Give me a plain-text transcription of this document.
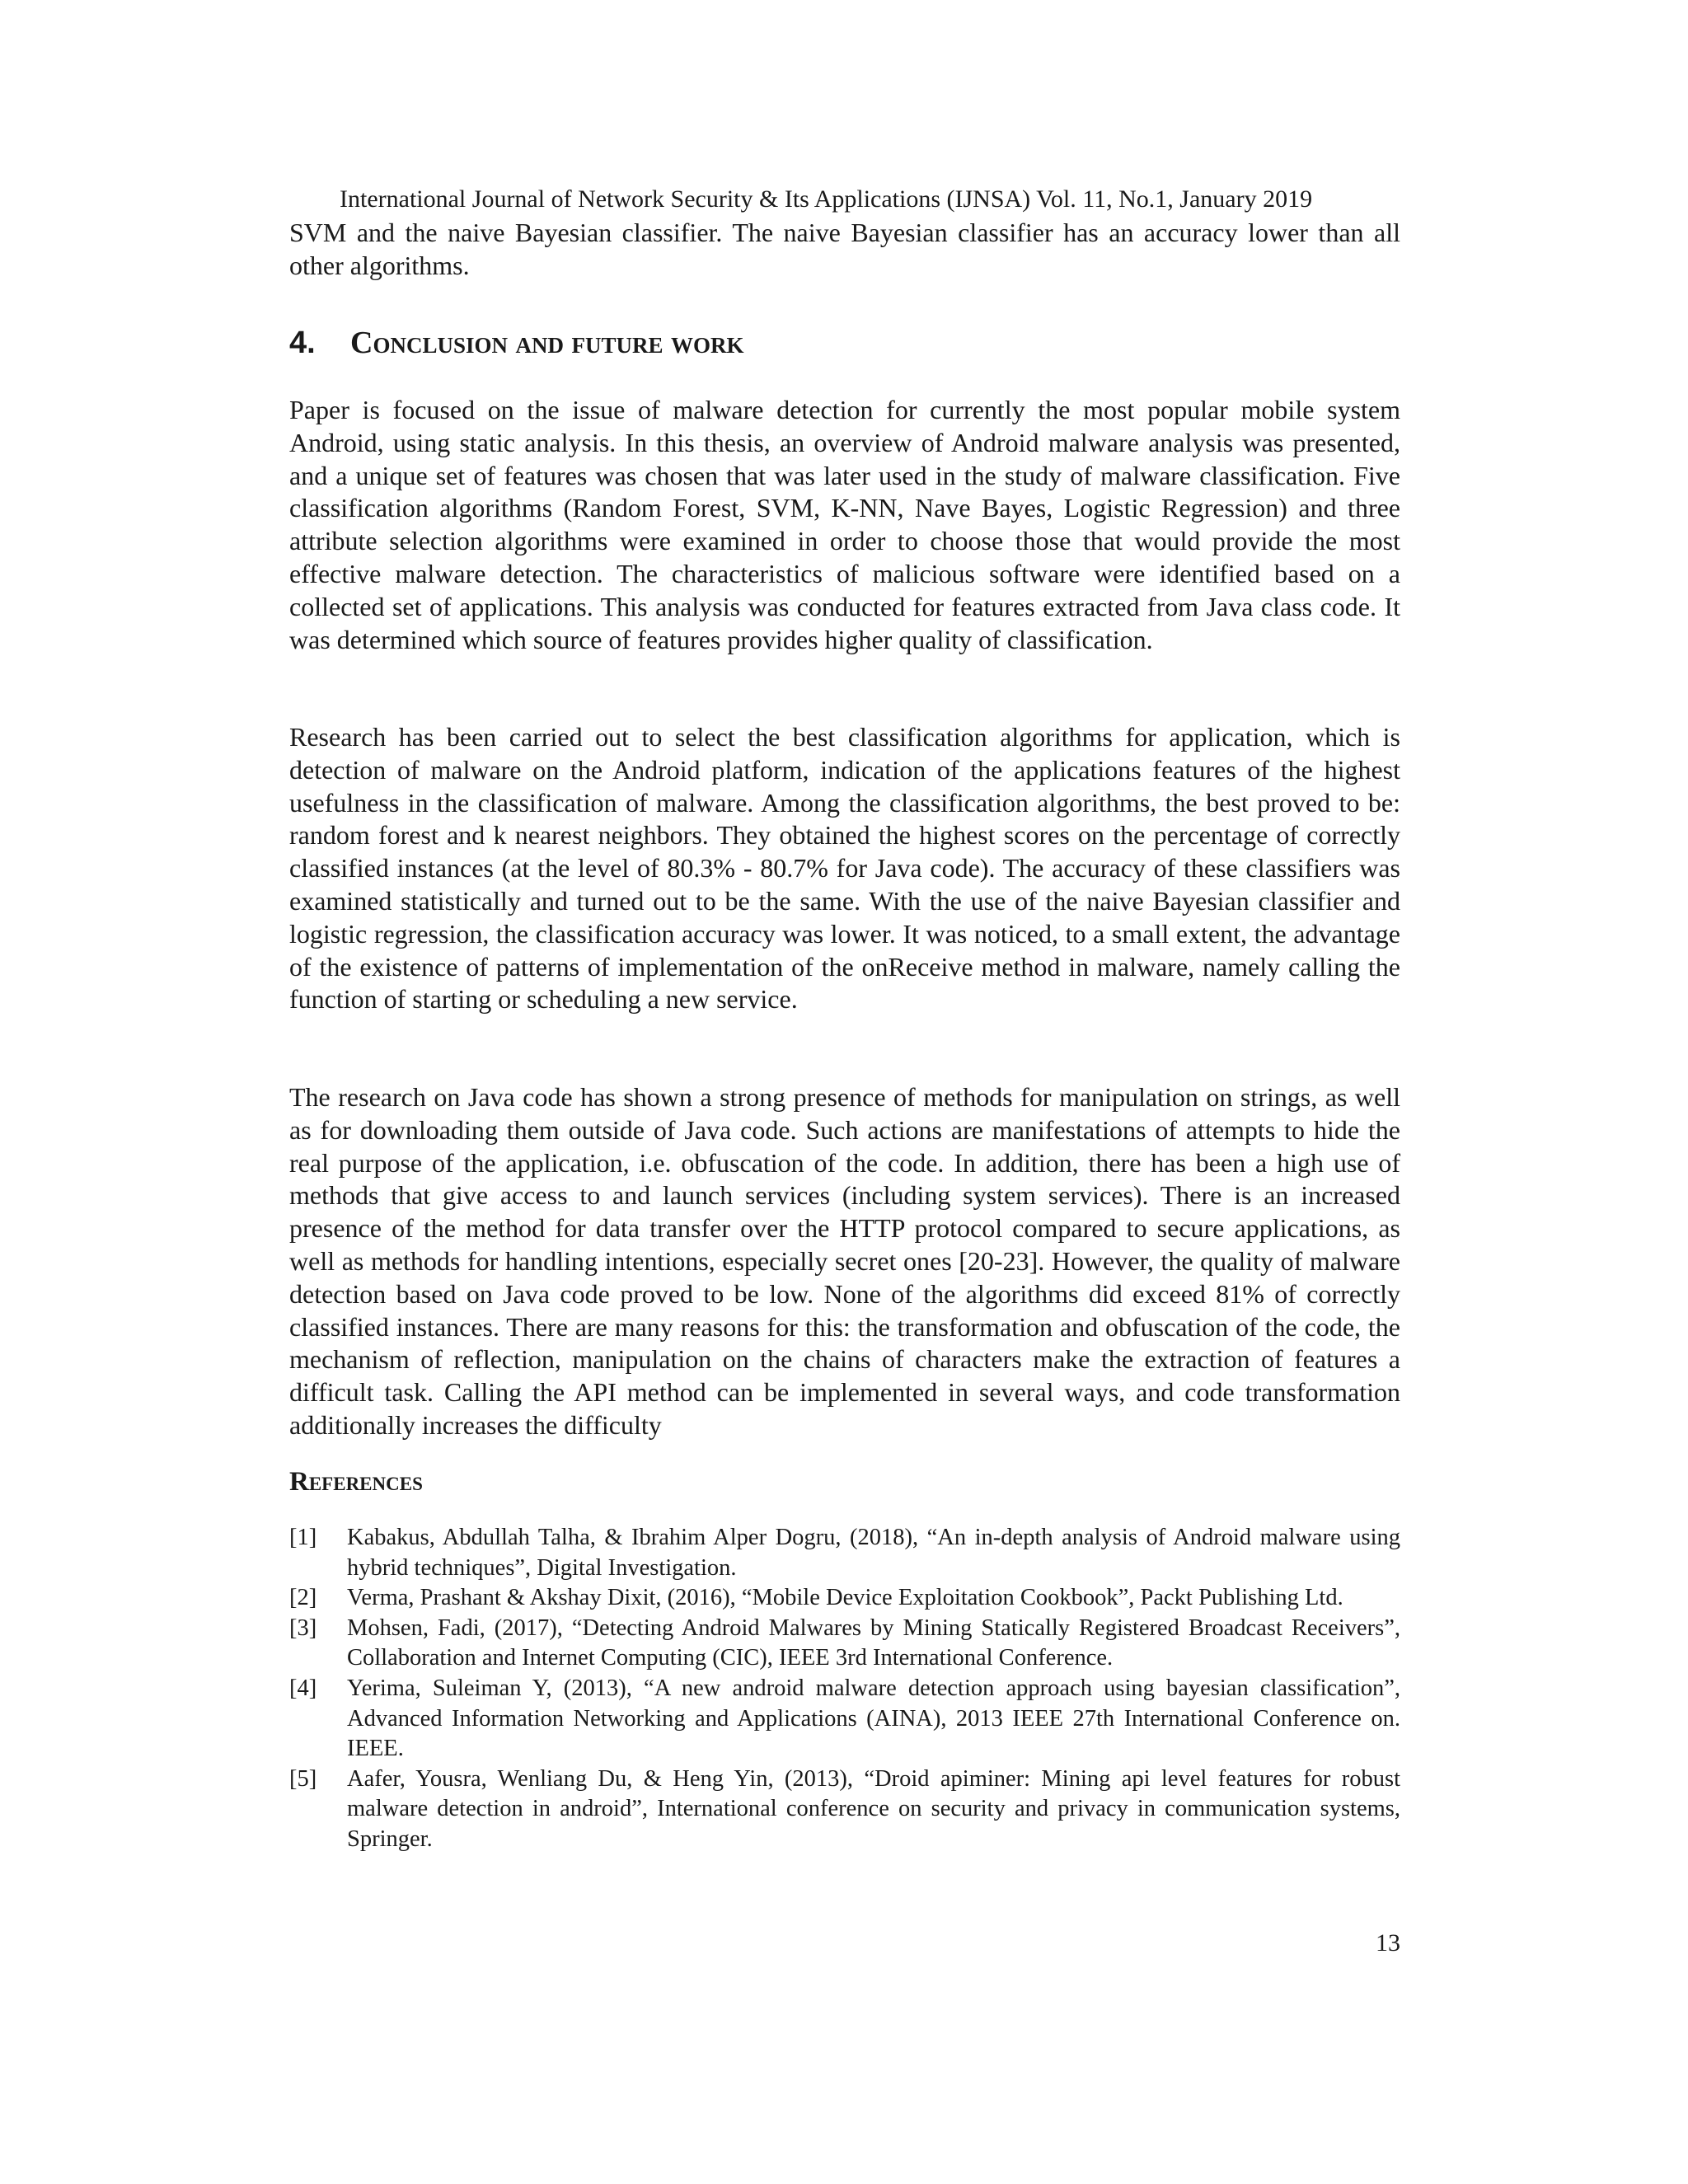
International Journal of Network Security & Its Applications (IJNSA) Vol. 11, No.1, January 2019

SVM and the naive Bayesian classifier. The naive Bayesian classifier has an accuracy lower than all other algorithms.

4. Conclusion and future work

Paper is focused on the issue of malware detection for currently the most popular mobile system Android, using static analysis. In this thesis, an overview of Android malware analysis was presented, and a unique set of features was chosen that was later used in the study of malware classification. Five classification algorithms (Random Forest, SVM, K-NN, Nave Bayes, Logistic Regression) and three attribute selection algorithms were examined in order to choose those that would provide the most effective malware detection. The characteristics of malicious software were identified based on a collected set of applications. This analysis was conducted for features extracted from Java class code. It was determined which source of features provides higher quality of classification.

Research has been carried out to select the best classification algorithms for application, which is detection of malware on the Android platform, indication of the applications features of the highest usefulness in the classification of malware. Among the classification algorithms, the best proved to be: random forest and k nearest neighbors. They obtained the highest scores on the percentage of correctly classified instances (at the level of 80.3% - 80.7% for Java code). The accuracy of these classifiers was examined statistically and turned out to be the same. With the use of the naive Bayesian classifier and logistic regression, the classification accuracy was lower. It was noticed, to a small extent, the advantage of the existence of patterns of implementation of the onReceive method in malware, namely calling the function of starting or scheduling a new service.

The research on Java code has shown a strong presence of methods for manipulation on strings, as well as for downloading them outside of Java code. Such actions are manifestations of attempts to hide the real purpose of the application, i.e. obfuscation of the code. In addition, there has been a high use of methods that give access to and launch services (including system services). There is an increased presence of the method for data transfer over the HTTP protocol compared to secure applications, as well as methods for handling intentions, especially secret ones [20-23]. However, the quality of malware detection based on Java code proved to be low. None of the algorithms did exceed 81% of correctly classified instances. There are many reasons for this: the transformation and obfuscation of the code, the mechanism of reflection, manipulation on the chains of characters make the extraction of features a difficult task. Calling the API method can be implemented in several ways, and code transformation additionally increases the difficulty

References
[1]	Kabakus, Abdullah Talha, & Ibrahim Alper Dogru, (2018), “An in-depth analysis of Android malware using hybrid techniques”, Digital Investigation.
[2]	Verma, Prashant & Akshay Dixit, (2016), “Mobile Device Exploitation Cookbook”, Packt Publishing Ltd.
[3]	Mohsen, Fadi, (2017), “Detecting Android Malwares by Mining Statically Registered Broadcast Receivers”, Collaboration and Internet Computing (CIC), IEEE 3rd International Conference.
[4]	Yerima, Suleiman Y, (2013), “A new android malware detection approach using bayesian classification”, Advanced Information Networking and Applications (AINA), 2013 IEEE 27th International Conference on. IEEE.
[5]	Aafer, Yousra, Wenliang Du, & Heng Yin, (2013), “Droid apiminer: Mining api level features for robust malware detection in android”, International conference on security and privacy in communication systems, Springer.
13
